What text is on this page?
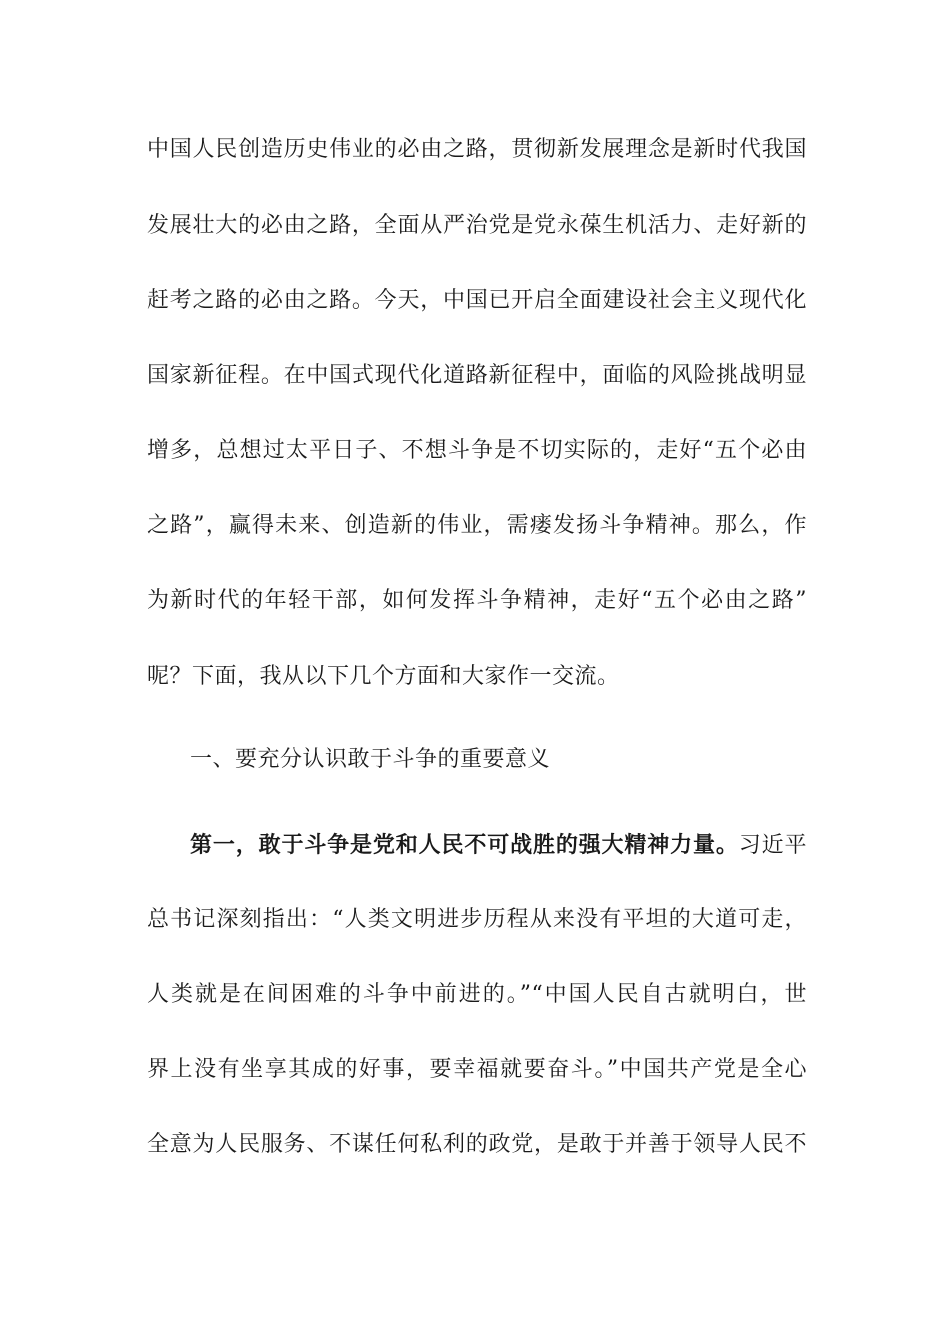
中国人民创造历史伟业的必由之路，贯彻新发展理念是新时代我国
发展壮大的必由之路，全面从严治党是党永葆生机活力、走好新的
赶考之路的必由之路。今天，中国已开启全面建设社会主义现代化
国家新征程。在中国式现代化道路新征程中，面临的风险挑战明显
增多，总想过太平日子、不想斗争是不切实际的，走好“五个必由
之路”，赢得未来、创造新的伟业，需瘘发扬斗争精神。那么，作
为新时代的年轻干部，如何发挥斗争精神，走好“五个必由之路”
呢？下面，我从以下几个方面和大家作一交流。
一、要充分认识敢于斗争的重要意义
第一，敢于斗争是党和人民不可战胜的强大精神力量。习近平
总书记深刻指出：“人类文明进步历程从来没有平坦的大道可走，
人类就是在间困难的斗争中前进的。”“中国人民自古就明白，世
界上没有坐享其成的好事，要幸福就要奋斗。”中国共产党是全心
全意为人民服务、不谋任何私利的政党，是敢于并善于领导人民不
